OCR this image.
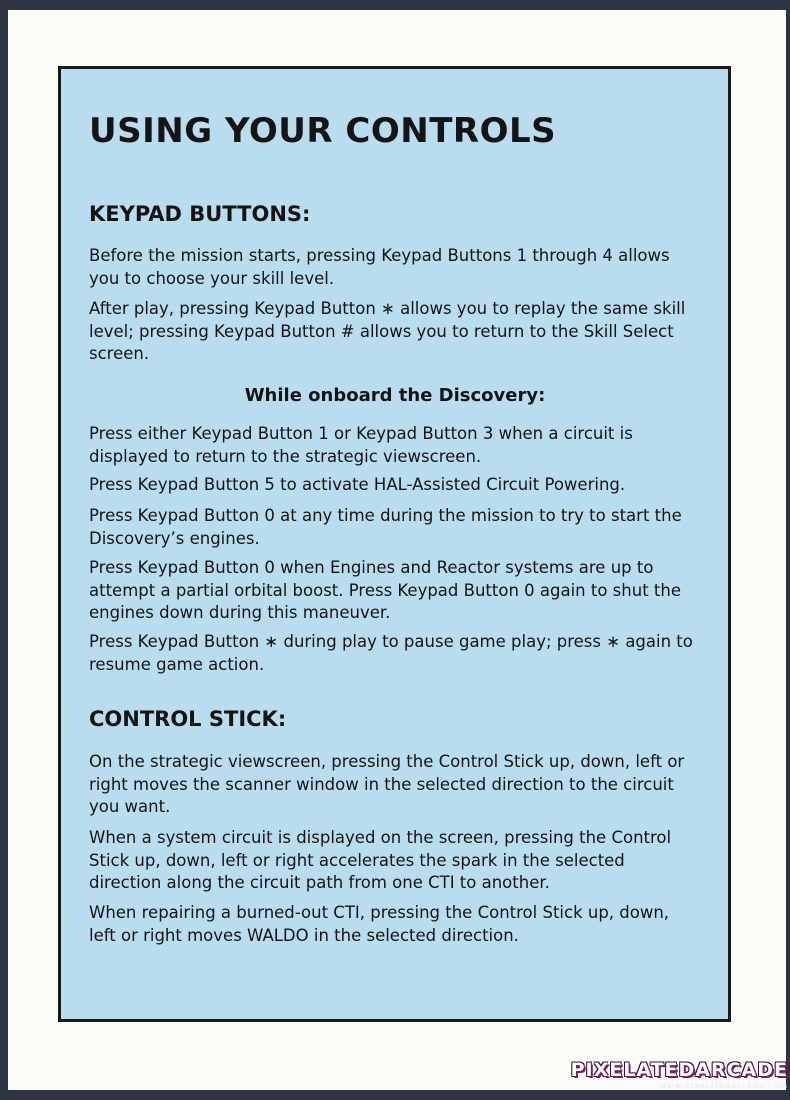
USING YOUR CONTROLS
KEYPAD BUTTONS:

Before the mission starts, pressing Keypad Buttons 1 through 4 allows you to choose your skill level.

After play, pressing Keypad Button ∗ allows you to replay the same skill level; pressing Keypad Button # allows you to return to the Skill Select screen.

While onboard the Discovery:

Press either Keypad Button 1 or Keypad Button 3 when a circuit is displayed to return to the strategic viewscreen.

Press Keypad Button 5 to activate HAL-Assisted Circuit Powering.

Press Keypad Button 0 at any time during the mission to try to start the Discovery’s engines.

Press Keypad Button 0 when Engines and Reactor systems are up to attempt a partial orbital boost. Press Keypad Button 0 again to shut the engines down during this maneuver.

Press Keypad Button ∗ during play to pause game play; press ∗ again to resume game action.

CONTROL STICK:

On the strategic viewscreen, pressing the Control Stick up, down, left or right moves the scanner window in the selected direction to the circuit you want.

When a system circuit is displayed on the screen, pressing the Control Stick up, down, left or right accelerates the spark in the selected direction along the circuit path from one CTI to another.

When repairing a burned-out CTI, pressing the Control Stick up, down, left or right moves WALDO in the selected direction.

PIXELATEDARCADE
www.pixelatedarcade.com
